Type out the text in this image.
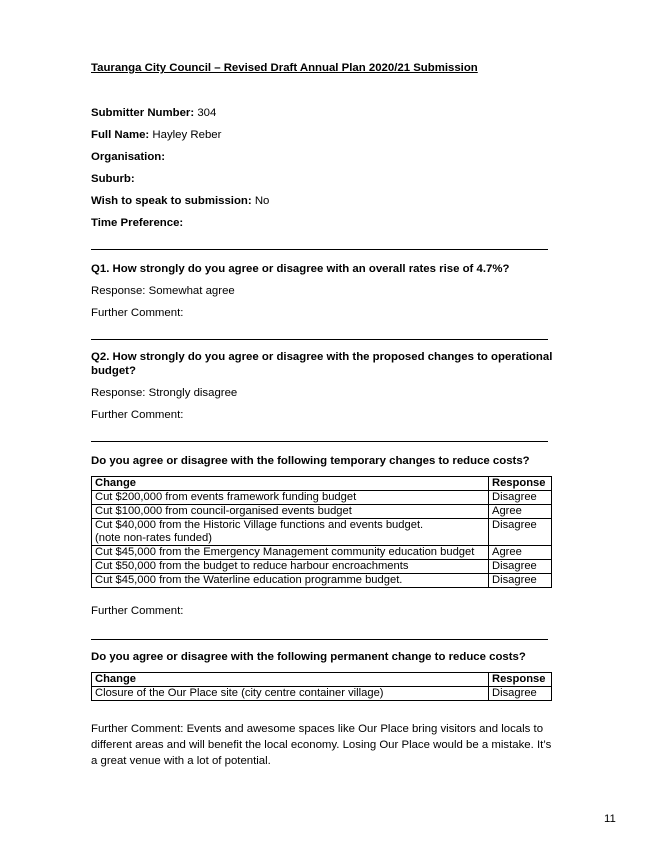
Tauranga City Council – Revised Draft Annual Plan 2020/21 Submission
Submitter Number: 304
Full Name: Hayley Reber
Organisation:
Suburb:
Wish to speak to submission: No
Time Preference:
Q1. How strongly do you agree or disagree with an overall rates rise of 4.7%?
Response: Somewhat agree
Further Comment:
Q2. How strongly do you agree or disagree with the proposed changes to operational
budget?
Response: Strongly disagree
Further Comment:
Do you agree or disagree with the following temporary changes to reduce costs?
Change	Response
Cut $200,000 from events framework funding budget	Disagree
Cut $100,000 from council-organised events budget	Agree

Cut $40,000 from the Historic Village functions and events budget.
(note non-rates funded)	Disagree
Cut $45,000 from the Emergency Management community education budget	Agree
Cut $50,000 from the budget to reduce harbour encroachments	Disagree
Cut $45,000 from the Waterline education programme budget.	Disagree
Further Comment:
Do you agree or disagree with the following permanent change to reduce costs?
Change	Response
Closure of the Our Place site (city centre container village)	Disagree
Further Comment: Events and awesome spaces like Our Place bring visitors and locals to different areas and will benefit the local economy. Losing Our Place would be a mistake. It’s a great venue with a lot of potential.
11
